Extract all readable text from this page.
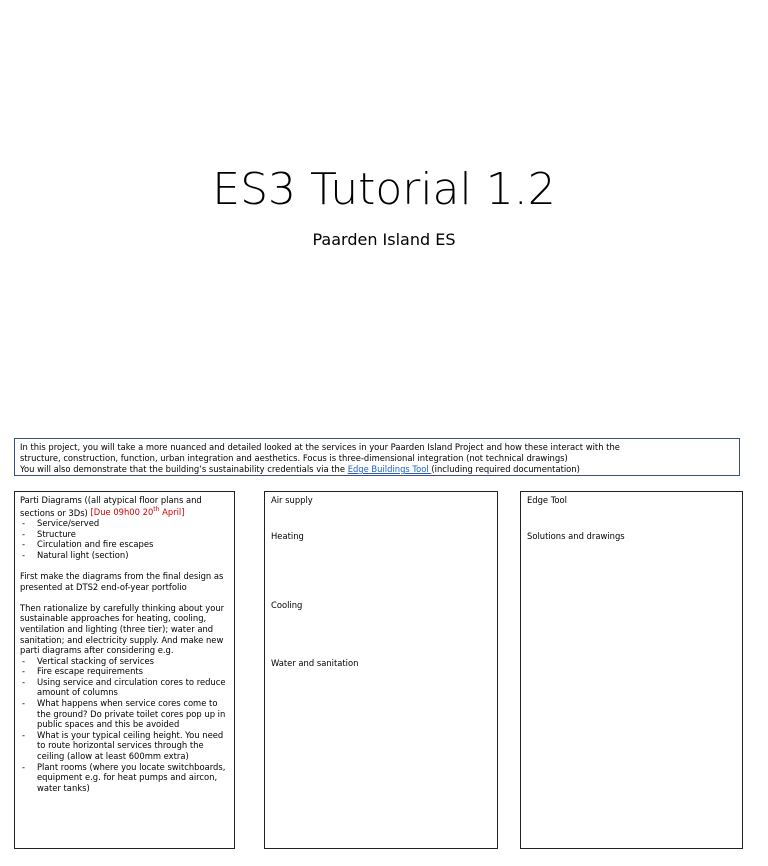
ES3 Tutorial 1.2
Paarden Island ES

In this project, you will take a more nuanced and detailed looked at the services in your Paarden Island Project and how these interact with the

structure, construction, function, urban integration and aesthetics. Focus is three-dimensional integration (not technical drawings)

You will also demonstrate that the building’s sustainability credentials via the Edge Buildings Tool (including required documentation)

Parti Diagrams ((all atypical floor plans and sections or 3Ds) [Due 09h00 20th April]

- Service/served
- Structure
- Circulation and fire escapes
- Natural light (section)

First make the diagrams from the final design as presented at DTS2 end-of-year portfolio

Then rationalize by carefully thinking about your sustainable approaches for heating, cooling, ventilation and lighting (three tier); water and sanitation; and electricity supply. And make new parti diagrams after considering e.g.

- Vertical stacking of services
- Fire escape requirements
- Using service and circulation cores to reduce amount of columns
- What happens when service cores come to the ground? Do private toilet cores pop up in public spaces and this be avoided
- What is your typical ceiling height. You need to route horizontal services through the ceiling (allow at least 600mm extra)
- Plant rooms (where you locate switchboards, equipment e.g. for heat pumps and aircon, water tanks)
Air supply
Heating
Cooling
Water and sanitation
Edge Tool
Solutions and drawings
